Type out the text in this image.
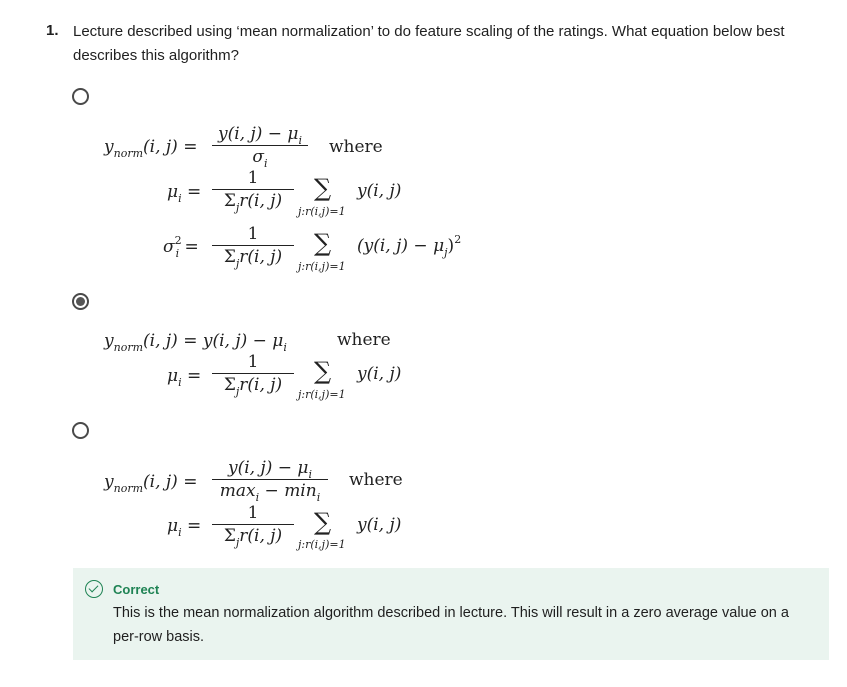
1. Lecture described using ‘mean normalization’ to do feature scaling of the ratings. What equation below best describes this algorithm?
$y_{norm}(i$, $j) = \frac{y(i, j) - \mu_i}{\sigma_i}$ where
$\mu_i$ =
1
$\Sigma_jr(i$, j)	∑
j:r(i,j)=1
y(i, j)
$\sigma^2_i$ =
1
$\Sigma_jr(i$, j)	∑
j:r(i,j)=1
(y(i, $j) - \mu_j)^2$
$y_{norm}(i$, j) = y(i, $j) - \mu_i$	where
$\mu_i$ =
1
$\Sigma_jr(i$, j)	∑
j:r(i,j)=1
y(i, j)
$y_{norm}(i$, j) =
y(i, $j) - \mu_i$
$\max_i - \min_i$
where
$\mu_i$ =
1
$\Sigma_jr(i$, j)	∑
j:r(i,j)=1
y(i, j)
Correct
This is the mean normalization algorithm described in lecture. This will result in a zero average value on a per-row basis.
